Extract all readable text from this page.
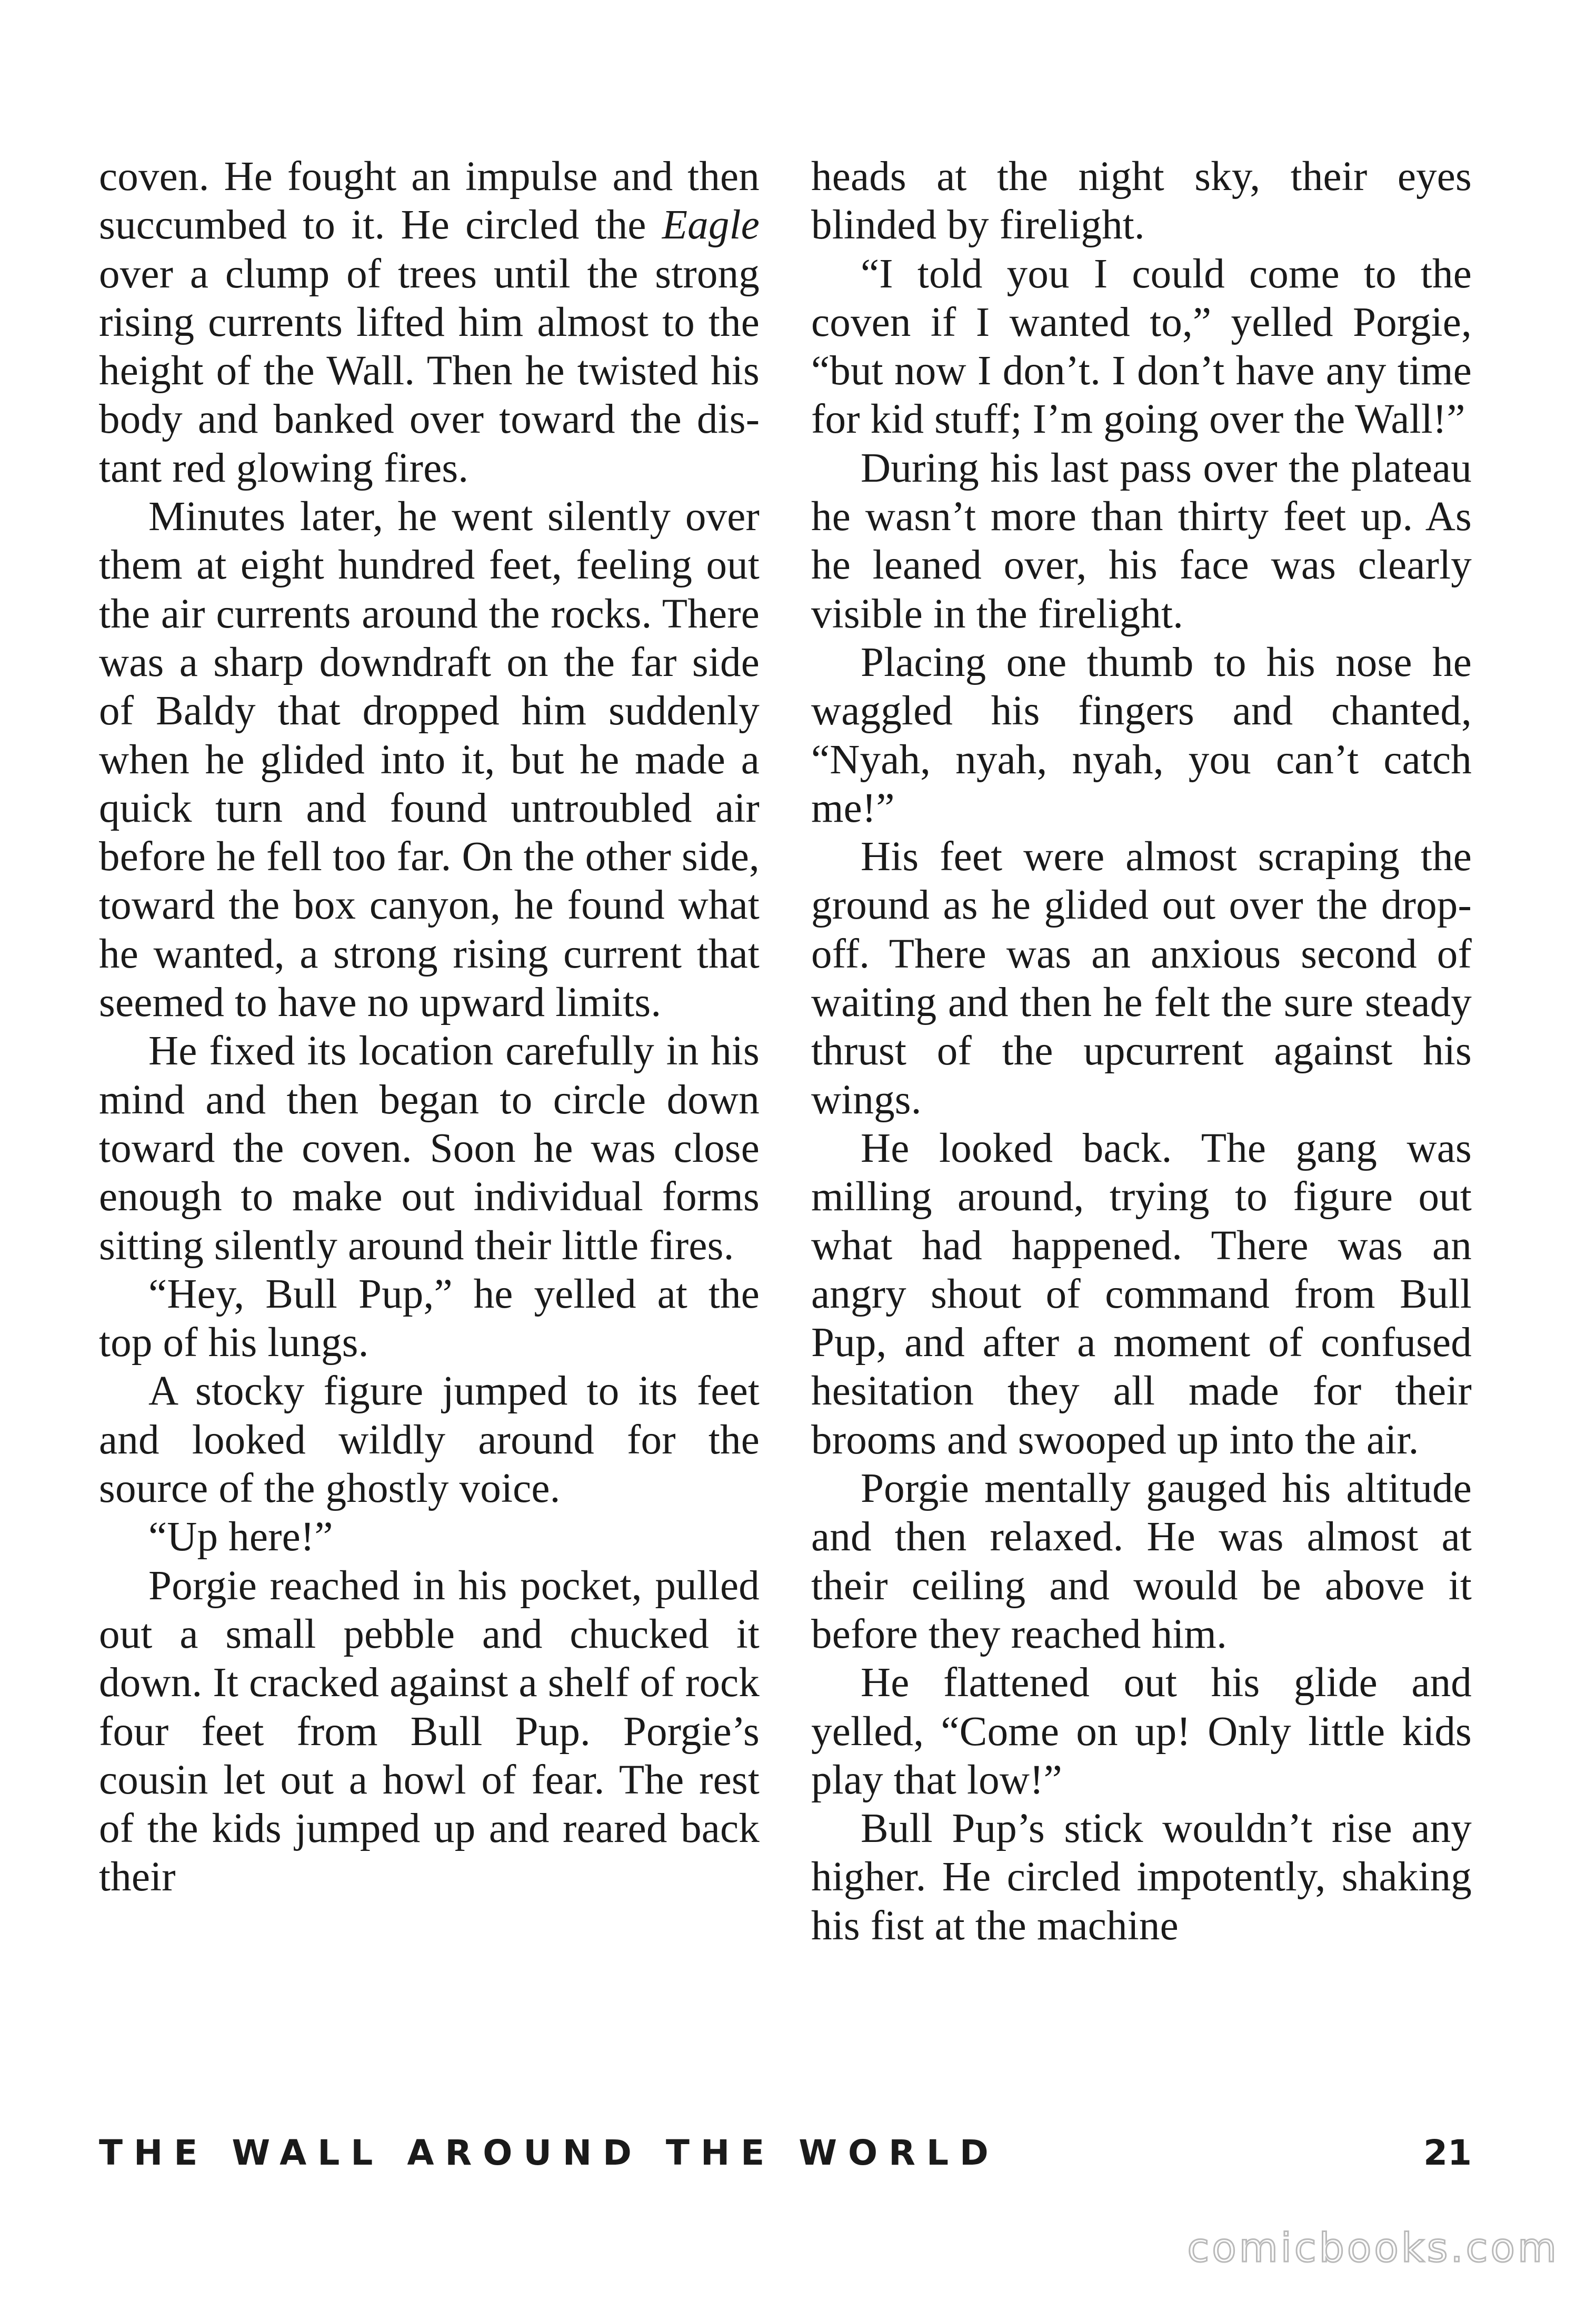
coven. He fought an impulse and then succumbed to it. He circled the Eagle over a clump of trees until the strong rising currents lifted him almost to the height of the Wall. Then he twisted his body and banked over toward the distant red glowing fires.

Minutes later, he went silently over them at eight hundred feet, feeling out the air currents around the rocks. There was a sharp downdraft on the far side of Baldy that dropped him suddenly when he glided into it, but he made a quick turn and found untroubled air before he fell too far. On the other side, toward the box canyon, he found what he wanted, a strong rising current that seemed to have no upward limits.

He fixed its location carefully in his mind and then began to circle down toward the coven. Soon he was close enough to make out individual forms sitting silently around their little fires.

“Hey, Bull Pup,” he yelled at the top of his lungs.

A stocky figure jumped to its feet and looked wildly around for the source of the ghostly voice.

“Up here!”

Porgie reached in his pocket, pulled out a small pebble and chucked it down. It cracked against a shelf of rock four feet from Bull Pup. Porgie’s cousin let out a howl of fear. The rest of the kids jumped up and reared back their

heads at the night sky, their eyes blinded by firelight.

“I told you I could come to the coven if I wanted to,” yelled Porgie, “but now I don’t. I don’t have any time for kid stuff; I’m going over the Wall!”

During his last pass over the plateau he wasn’t more than thirty feet up. As he leaned over, his face was clearly visible in the firelight.

Placing one thumb to his nose he waggled his fingers and chanted, “Nyah, nyah, nyah, you can’t catch me!”

His feet were almost scraping the ground as he glided out over the drop-off. There was an anxious second of waiting and then he felt the sure steady thrust of the upcurrent against his wings.

He looked back. The gang was milling around, trying to figure out what had happened. There was an angry shout of command from Bull Pup, and after a moment of confused hesitation they all made for their brooms and swooped up into the air.

Porgie mentally gauged his altitude and then relaxed. He was almost at their ceiling and would be above it before they reached him.

He flattened out his glide and yelled, “Come on up! Only little kids play that low!”

Bull Pup’s stick wouldn’t rise any higher. He circled impotently, shaking his fist at the machine

THE WALL AROUND THE WORLD	21
comicbooks.com
